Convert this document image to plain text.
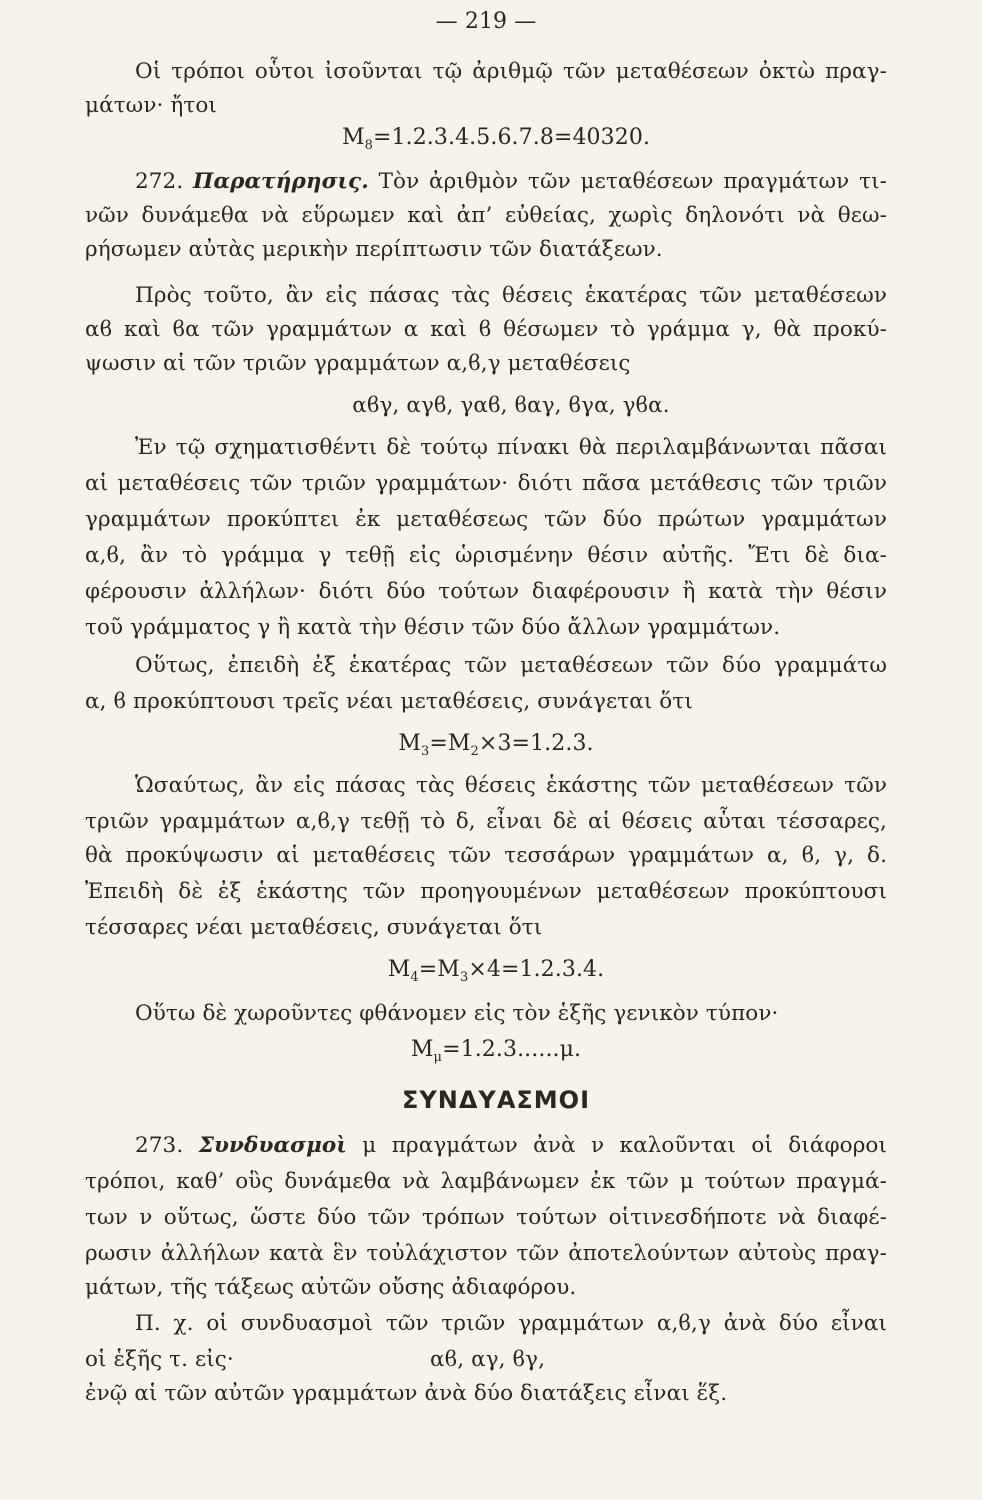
— 219 —
Οἱ τρόποι οὗτοι ἰσοῦνται τῷ ἀριθμῷ τῶν μεταθέσεων ὀκτὼ πραγ-
μάτων· ἤτοι
$M_8=1.2.3.4.5.6.7.8=40320$.
272. Παρατήρησις. Τὸν ἀριθμὸν τῶν μεταθέσεων πραγμάτων τι-
νῶν δυνάμεθα νὰ εὕρωμεν καὶ ἀπ’ εὐθείας, χωρὶς δηλονότι νὰ θεω-
ρήσωμεν αὐτὰς μερικὴν περίπτωσιν τῶν διατάξεων.
Πρὸς τοῦτο, ἂν εἰς πάσας τὰς θέσεις ἑκατέρας τῶν μεταθέσεων
αϐ καὶ ϐα τῶν γραμμάτων α καὶ ϐ θέσωμεν τὸ γράμμα γ, θὰ προκύ-
ψωσιν αἱ τῶν τριῶν γραμμάτων α,ϐ,γ μεταθέσεις
αϐγ, αγϐ, γαϐ, ϐαγ, ϐγα, γϐα.
Ἐν τῷ σχηματισθέντι δὲ τούτῳ πίνακι θὰ περιλαμβάνωνται πᾶσαι
αἱ μεταθέσεις τῶν τριῶν γραμμάτων· διότι πᾶσα μετάθεσις τῶν τριῶν
γραμμάτων προκύπτει ἐκ μεταθέσεως τῶν δύο πρώτων γραμμάτων
α,ϐ, ἂν τὸ γράμμα γ τεθῇ εἰς ὡρισμένην θέσιν αὐτῆς. Ἔτι δὲ δια-
φέρουσιν ἀλλήλων· διότι δύο τούτων διαφέρουσιν ἢ κατὰ τὴν θέσιν
τοῦ γράμματος γ ἢ κατὰ τὴν θέσιν τῶν δύο ἄλλων γραμμάτων.
Οὕτως, ἐπειδὴ ἐξ ἑκατέρας τῶν μεταθέσεων τῶν δύο γραμμάτω
α, ϐ προκύπτουσι τρεῖς νέαι μεταθέσεις, συνάγεται ὅτι
$M_3=M_2\times 3=1.2.3$.
Ὡσαύτως, ἂν εἰς πάσας τὰς θέσεις ἑκάστης τῶν μεταθέσεων τῶν
τριῶν γραμμάτων α,ϐ,γ τεθῇ τὸ δ, εἶναι δὲ αἱ θέσεις αὗται τέσσαρες,
θὰ προκύψωσιν αἱ μεταθέσεις τῶν τεσσάρων γραμμάτων α, ϐ, γ, δ.
Ἐπειδὴ δὲ ἐξ ἑκάστης τῶν προηγουμένων μεταθέσεων προκύπτουσι
τέσσαρες νέαι μεταθέσεις, συνάγεται ὅτι
$M_4=M_3\times 4=1.2.3.4$.
Οὕτω δὲ χωροῦντες φθάνομεν εἰς τὸν ἑξῆς γενικὸν τύπον·
$M_\mu=1.2.3......\mu$.
ΣΥΝΔΥΑΣΜΟΙ
273. Συνδυασμοὶ μ πραγμάτων ἀνὰ ν καλοῦνται οἱ διάφοροι
τρόποι, καθ’ οὓς δυνάμεθα νὰ λαμβάνωμεν ἐκ τῶν μ τούτων πραγμά-
των ν οὕτως, ὥστε δύο τῶν τρόπων τούτων οἱτινεσδήποτε νὰ διαφέ-
ρωσιν ἀλλήλων κατὰ ἓν τοὐλάχιστον τῶν ἀποτελούντων αὐτοὺς πραγ-
μάτων, τῆς τάξεως αὐτῶν οὔσης ἀδιαφόρου.
Π. χ. οἱ συνδυασμοὶ τῶν τριῶν γραμμάτων α,ϐ,γ ἀνὰ δύο εἶναι
οἱ ἑξῆς τ. εἰς·	αϐ, αγ, ϐγ,
ἐνῷ αἱ τῶν αὐτῶν γραμμάτων ἀνὰ δύο διατάξεις εἶναι ἕξ.
